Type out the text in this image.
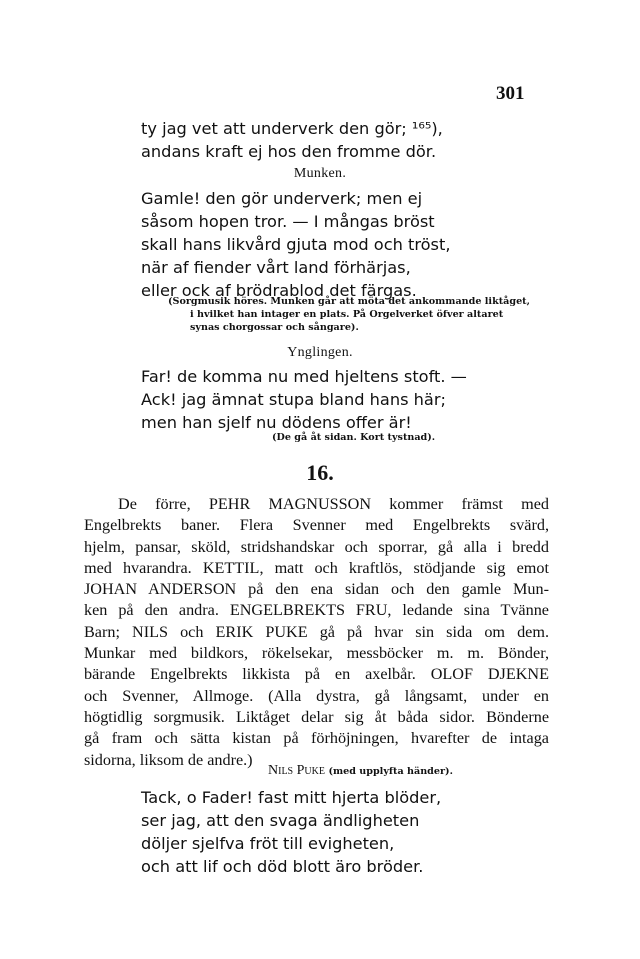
301
ty jag vet att underverk den gör; ¹⁶⁵),
andans kraft ej hos den fromme dör.
Munken.
Gamle! den gör underverk; men ej
såsom hopen tror. — I mångas bröst
skall hans likvård gjuta mod och tröst,
när af fiender vårt land förhärjas,
eller ock af brödrablod det färgas.
(Sorgmusik höres. Munken går att möta det ankommande liktåget,
i hvilket han intager en plats. På Orgelverket öfver altaret
synas chorgossar och sångare).
Ynglingen.
Far! de komma nu med hjeltens stoft. —
Ack! jag ämnat stupa bland hans här;
men han sjelf nu dödens offer är!
(De gå åt sidan. Kort tystnad).
16.
De förre, PEHR MAGNUSSON kommer främst med
Engelbrekts baner. Flera Svenner med Engelbrekts svärd,
hjelm, pansar, sköld, stridshandskar och sporrar, gå alla i bredd
med hvarandra. KETTIL, matt och kraftlös, stödjande sig emot
JOHAN ANDERSON på den ena sidan och den gamle Mun-
ken på den andra. ENGELBREKTS FRU, ledande sina Tvänne
Barn; NILS och ERIK PUKE gå på hvar sin sida om dem.
Munkar med bildkors, rökelsekar, messböcker m. m. Bönder,
bärande Engelbrekts likkista på en axelbår. OLOF DJEKNE
och Svenner, Allmoge. (Alla dystra, gå långsamt, under en
högtidlig sorgmusik. Liktåget delar sig åt båda sidor. Bönderne
gå fram och sätta kistan på förhöjningen, hvarefter de intaga
sidorna, liksom de andre.)
Nils Puke (med upplyfta händer).
Tack, o Fader! fast mitt hjerta blöder,
ser jag, att den svaga ändligheten
döljer sjelfva fröt till evigheten,
och att lif och död blott äro bröder.
